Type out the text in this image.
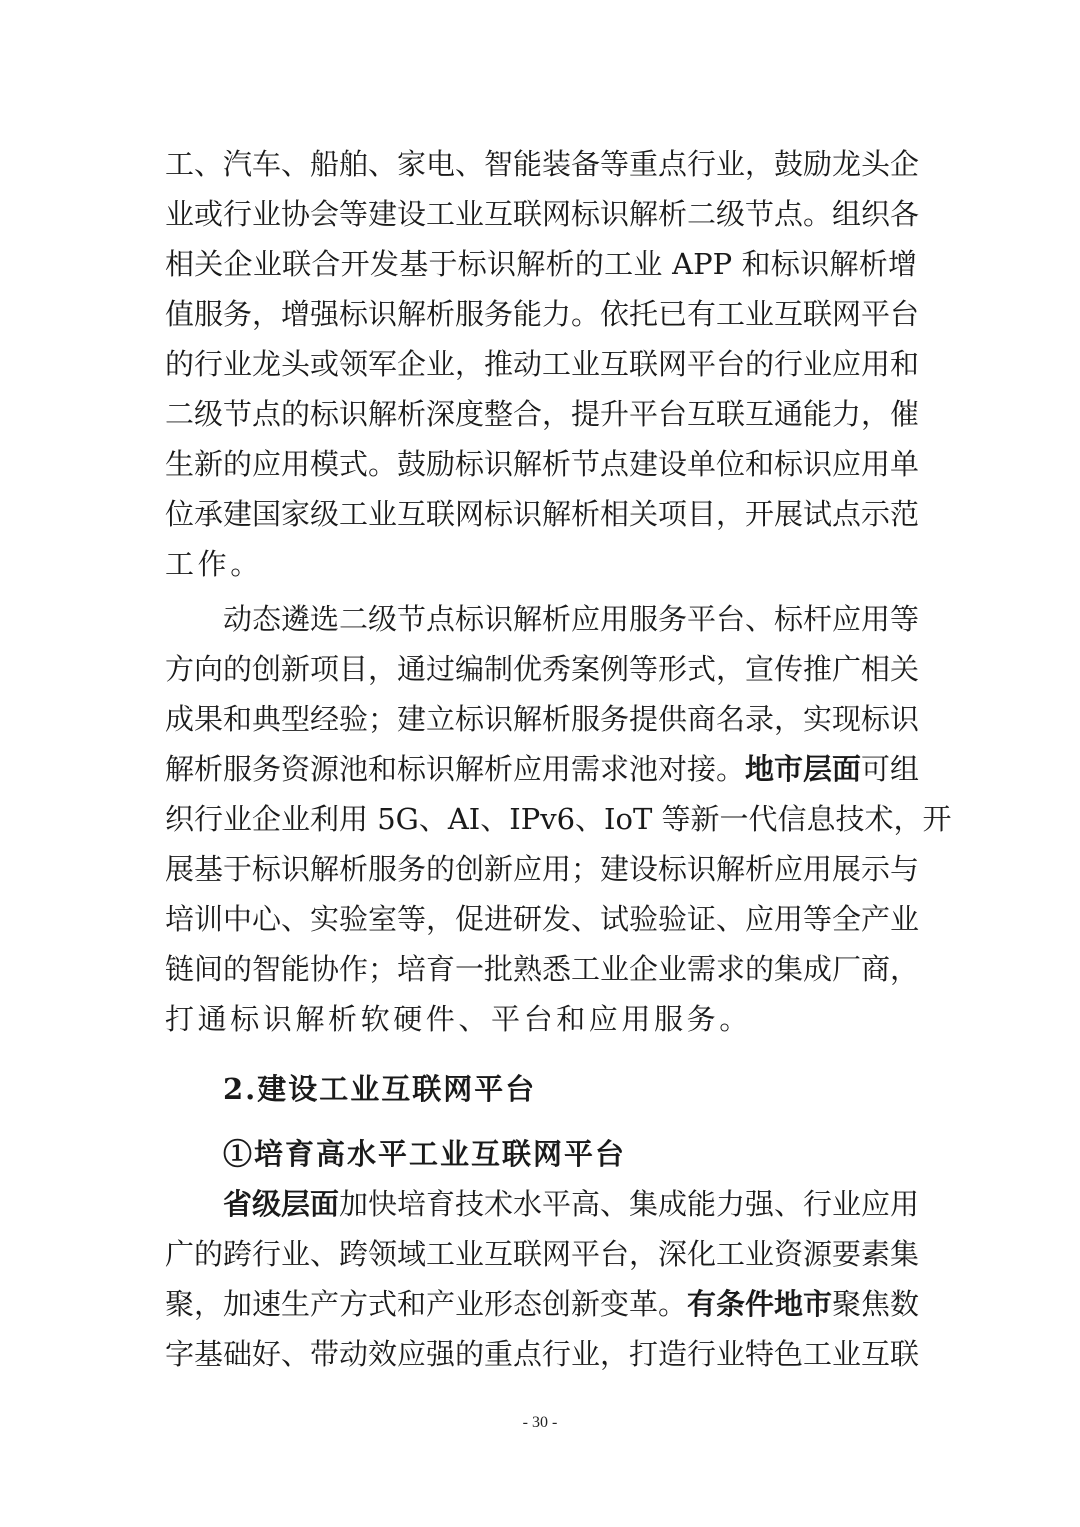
工、汽车、船舶、家电、智能装备等重点行业，鼓励龙头企
业或行业协会等建设工业互联网标识解析二级节点。组织各
相关企业联合开发基于标识解析的工业 APP 和标识解析增
值服务，增强标识解析服务能力。依托已有工业互联网平台
的行业龙头或领军企业，推动工业互联网平台的行业应用和
二级节点的标识解析深度整合，提升平台互联互通能力，催
生新的应用模式。鼓励标识解析节点建设单位和标识应用单
位承建国家级工业互联网标识解析相关项目，开展试点示范
工作。
动态遴选二级节点标识解析应用服务平台、标杆应用等
方向的创新项目，通过编制优秀案例等形式，宣传推广相关
成果和典型经验；建立标识解析服务提供商名录，实现标识
解析服务资源池和标识解析应用需求池对接。地市层面可组
织行业企业利用 5G、AI、IPv6、IoT 等新一代信息技术，开
展基于标识解析服务的创新应用；建设标识解析应用展示与
培训中心、实验室等，促进研发、试验验证、应用等全产业
链间的智能协作；培育一批熟悉工业企业需求的集成厂商，
打通标识解析软硬件、平台和应用服务。
2.建设工业互联网平台
①培育高水平工业互联网平台
省级层面加快培育技术水平高、集成能力强、行业应用
广的跨行业、跨领域工业互联网平台，深化工业资源要素集
聚，加速生产方式和产业形态创新变革。有条件地市聚焦数
字基础好、带动效应强的重点行业，打造行业特色工业互联
- 30 -
